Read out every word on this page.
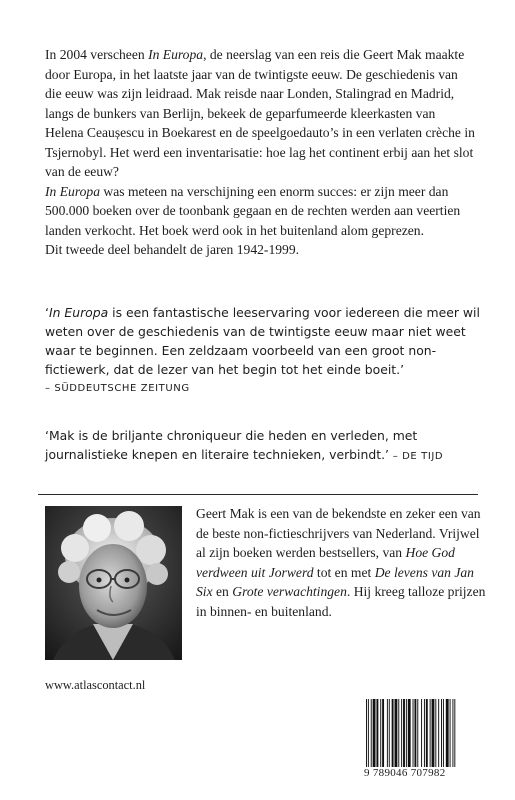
In 2004 verscheen In Europa, de neerslag van een reis die Geert Mak maakte door Europa, in het laatste jaar van de twintigste eeuw. De geschiedenis van die eeuw was zijn leidraad. Mak reisde naar Londen, Stalingrad en Madrid, langs de bunkers van Berlijn, bekeek de geparfumeerde kleerkasten van Helena Ceaușescu in Boekarest en de speelgoedauto’s in een verlaten crèche in Tsjernobyl. Het werd een inventarisatie: hoe lag het continent erbij aan het slot van de eeuw?
In Europa was meteen na verschijning een enorm succes: er zijn meer dan 500.000 boeken over de toonbank gegaan en de rechten werden aan veertien landen verkocht. Het boek werd ook in het buitenland alom geprezen.
Dit tweede deel behandelt de jaren 1942-1999.

‘In Europa is een fantastische leeservaring voor iedereen die meer wil weten over de geschiedenis van de twintigste eeuw maar niet weet waar te beginnen. Een zeldzaam voorbeeld van een groot non-fictiewerk, dat de lezer van het begin tot het einde boeit.’
– SÜDDEUTSCHE ZEITUNG

‘Mak is de briljante chroniqueur die heden en verleden, met journalistieke knepen en literaire technieken, verbindt.’ – DE TIJD

Geert Mak is een van de bekendste en zeker een van de beste non-fictieschrijvers van Nederland. Vrijwel al zijn boeken werden bestsellers, van Hoe God verdween uit Jorwerd tot en met De levens van Jan Six en Grote verwachtingen. Hij kreeg talloze prijzen in binnen- en buitenland.

www.atlascontact.nl

9 789046 707982
